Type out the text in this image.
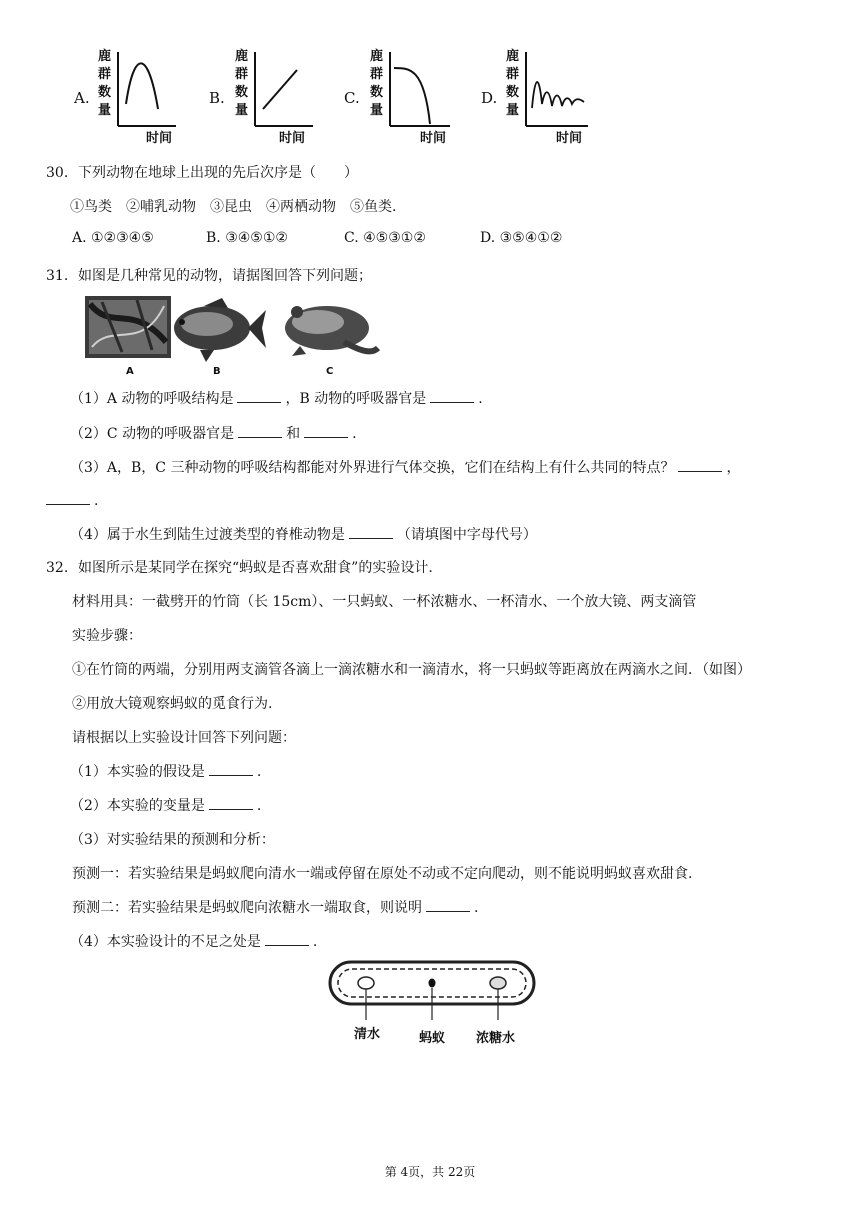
A.
鹿
群
数
量
时间
B.
鹿
群
数
量
时间
C.
鹿
群
数
量
时间
D.
鹿
群
数
量
时间
30. 下列动物在地球上出现的先后次序是（　　）
①鸟类　②哺乳动物　③昆虫　④两栖动物　⑤鱼类.
A. ①②③④⑤	B. ③④⑤①②	C. ④⑤③①②	D. ③⑤④①②
31. 如图是几种常见的动物，请据图回答下列问题；
A	B	C
（1）A 动物的呼吸结构是	，B 动物的呼吸器官是	.
（2）C 动物的呼吸器官是	和	.
（3）A，B，C 三种动物的呼吸结构都能对外界进行气体交换，它们在结构上有什么共同的特点？	，
.
（4）属于水生到陆生过渡类型的脊椎动物是	（请填图中字母代号）
32. 如图所示是某同学在探究“蚂蚁是否喜欢甜食”的实验设计.
材料用具：一截劈开的竹筒（长 15cm）、一只蚂蚁、一杯浓糖水、一杯清水、一个放大镜、两支滴管
实验步骤：
①在竹筒的两端，分别用两支滴管各滴上一滴浓糖水和一滴清水，将一只蚂蚁等距离放在两滴水之间．（如图）
②用放大镜观察蚂蚁的觅食行为.
请根据以上实验设计回答下列问题：
（1）本实验的假设是	.
（2）本实验的变量是	.
（3）对实验结果的预测和分析：
预测一：若实验结果是蚂蚁爬向清水一端或停留在原处不动或不定向爬动，则不能说明蚂蚁喜欢甜食.
预测二：若实验结果是蚂蚁爬向浓糖水一端取食，则说明	.
（4）本实验设计的不足之处是	.
清水	蚂蚁 浓糖水
第 4页，共 22页
